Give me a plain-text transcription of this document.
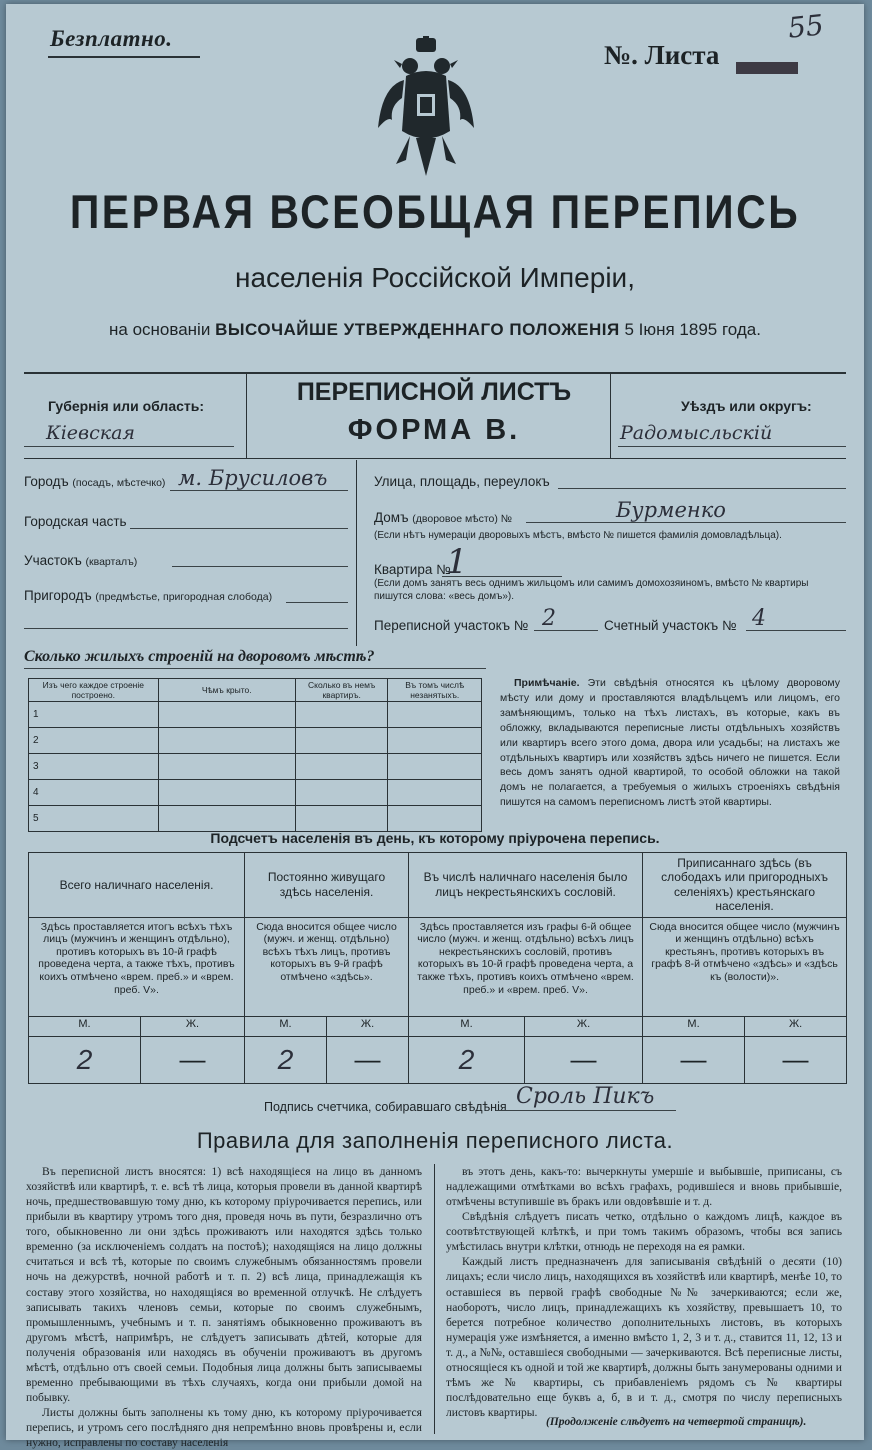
Безплатно.
№. Листа
55
ПЕРВАЯ ВСЕОБЩАЯ ПЕРЕПИСЬ
населенія Россійской Имперіи,
на основаніи ВЫСОЧАЙШЕ УТВЕРЖДЕННАГО ПОЛОЖЕНІЯ 5 Іюня 1895 года.
Губернія или область:
Кіевская
ПЕРЕПИСНОЙ ЛИСТЪ
ФОРМА В.
Уѣздъ или округъ:
Радомысльскій
Городъ (посадъ, мѣстечко) м. Брусиловъ
Городская часть
Участокъ (кварталъ)
Пригородъ (предмѣстье, пригородная слобода)
Улица, площадь, переулокъ
Домъ (дворовое мѣсто) №	Бурменко
(Если нѣтъ нумераціи дворовыхъ мѣстъ, вмѣсто № пишется фамилія домовладѣльца).
Квартира №
1
(Если домъ занятъ весь однимъ жильцомъ или самимъ домохозяиномъ, вмѣсто № квартиры пишутся слова: «весь домъ»).
Переписной участокъ № 2	Счетный участокъ № 4
Сколько жилыхъ строеній на дворовомъ мѣстѣ?
Изъ чего каждое строеніе построено.	Чѣмъ крыто.	Сколько въ немъ квартиръ.	Въ томъ числѣ незанятыхъ.
1			
2			
3			
4			
5			
Примѣчаніе. Эти свѣдѣнія относятся къ цѣлому дворовому мѣсту или дому и проставляются владѣльцемъ или лицомъ, его замѣняющимъ, только на тѣхъ листахъ, въ которые, какъ въ обложку, вкладываются переписные листы отдѣльныхъ хозяйствъ или квартиръ всего этого дома, двора или усадьбы; на листахъ же отдѣльныхъ квартиръ или хозяйствъ здѣсь ничего не пишется. Если весь домъ занятъ одной квартирой, то особой обложки на такой домъ не полагается, а требуемыя о жилыхъ строеніяхъ свѣдѣнія пишутся на самомъ переписномъ листѣ этой квартиры.
Подсчетъ населенія въ день, къ которому пріурочена перепись.
Всего наличнаго населенія.		Постоянно живущаго здѣсь населенія.		Въ числѣ наличнаго населенія было лицъ некрестьянскихъ сословій.		Приписаннаго здѣсь (въ слободахъ или пригородныхъ селеніяхъ) крестьянскаго населенія.	
Здѣсь проставляется итогъ всѣхъ тѣхъ лицъ (мужчинъ и женщинъ отдѣльно), противъ которыхъ въ 10-й графѣ проведена черта, а также тѣхъ, противъ коихъ отмѣчено «врем. преб.» и «врем. преб. V».		Сюда вносится общее число (мужч. и женщ. отдѣльно) всѣхъ тѣхъ лицъ, противъ которыхъ въ 9-й графѣ отмѣчено «здѣсь».		Здѣсь проставляется изъ графы 6-й общее число (мужч. и женщ. отдѣльно) всѣхъ лицъ некрестьянскихъ сословій, противъ которыхъ въ 10-й графѣ проведена черта, а также тѣхъ, противъ коихъ отмѣчено «врем. преб.» и «врем. преб. V».		Сюда вносится общее число (мужчинъ и женщинъ отдѣльно) всѣхъ крестьянъ, противъ которыхъ въ графѣ 8-й отмѣчено «здѣсь» и «здѣсь къ (волости)».	
М.	Ж.	М.	Ж.	М.	Ж.	М.	Ж.
2	—	2	—	2	—	—	—
Подпись счетчика, собиравшаго свѣдѣнія Сроль Пикъ
Правила для заполненія переписного листа.

Въ переписной листъ вносятся: 1) всѣ находящіеся на лицо въ данномъ хозяйствѣ или квартирѣ, т. е. всѣ тѣ лица, которыя провели въ данной квартирѣ ночь, предшествовавшую тому дню, къ которому пріурочивается перепись, или прибыли въ квартиру утромъ того дня, проведя ночь въ пути, безразлично отъ того, обыкновенно ли они здѣсь проживаютъ или находятся здѣсь только временно (за исключеніемъ солдатъ на постоѣ); находящіяся на лицо должны считаться и всѣ тѣ, которые по своимъ служебнымъ обязанностямъ провели ночь на дежурствѣ, ночной работѣ и т. п. 2) всѣ лица, принадлежащія къ составу этого хозяйства, но находящіяся во временной отлучкѣ. Не слѣдуетъ записывать такихъ членовъ семьи, которые по своимъ служебнымъ, промышленнымъ, учебнымъ и т. п. занятіямъ обыкновенно проживаютъ въ другомъ мѣстѣ, напримѣръ, не слѣдуетъ записывать дѣтей, которые для полученія образованія или находясь въ обученіи проживаютъ въ другомъ мѣстѣ, отдѣльно отъ своей семьи. Подобныя лица должны быть записываемы временно пребывающими въ тѣхъ случаяхъ, когда они прибыли домой на побывку.

Листы должны быть заполнены къ тому дню, къ которому пріурочивается перепись, и утромъ сего послѣдняго дня непремѣнно вновь провѣрены и, если нужно, исправлены по составу населенія

въ этотъ день, какъ-то: вычеркнуты умершіе и выбывшіе, приписаны, съ надлежащими отмѣтками во всѣхъ графахъ, родившіеся и вновь прибывшіе, отмѣчены вступившіе въ бракъ или овдовѣвшіе и т. д.

Свѣдѣнія слѣдуетъ писать четко, отдѣльно о каждомъ лицѣ, каждое въ соотвѣтствующей клѣткѣ, и при томъ такимъ образомъ, чтобы вся запись умѣстилась внутри клѣтки, отнюдь не переходя на ея рамки.

Каждый листъ предназначенъ для записыванія свѣдѣній о десяти (10) лицахъ; если число лицъ, находящихся въ хозяйствѣ или квартирѣ, менѣе 10, то оставшіеся въ первой графѣ свободные №№ зачеркиваются; если же, наоборотъ, число лицъ, принадлежащихъ къ хозяйству, превышаетъ 10, то берется потребное количество дополнительныхъ листовъ, въ которыхъ нумерація уже измѣняется, а именно вмѣсто 1, 2, 3 и т. д., ставится 11, 12, 13 и т. д., а №№, оставшіеся свободными — зачеркиваются. Всѣ переписные листы, относящіеся къ одной и той же квартирѣ, должны быть занумерованы одними и тѣмъ же № квартиры, съ прибавленіемъ рядомъ съ № квартиры послѣдовательно еще буквъ а, б, в и т. д., смотря по числу переписныхъ листовъ квартиры.

(Продолженіе слѣдуетъ на четвертой страницѣ).
